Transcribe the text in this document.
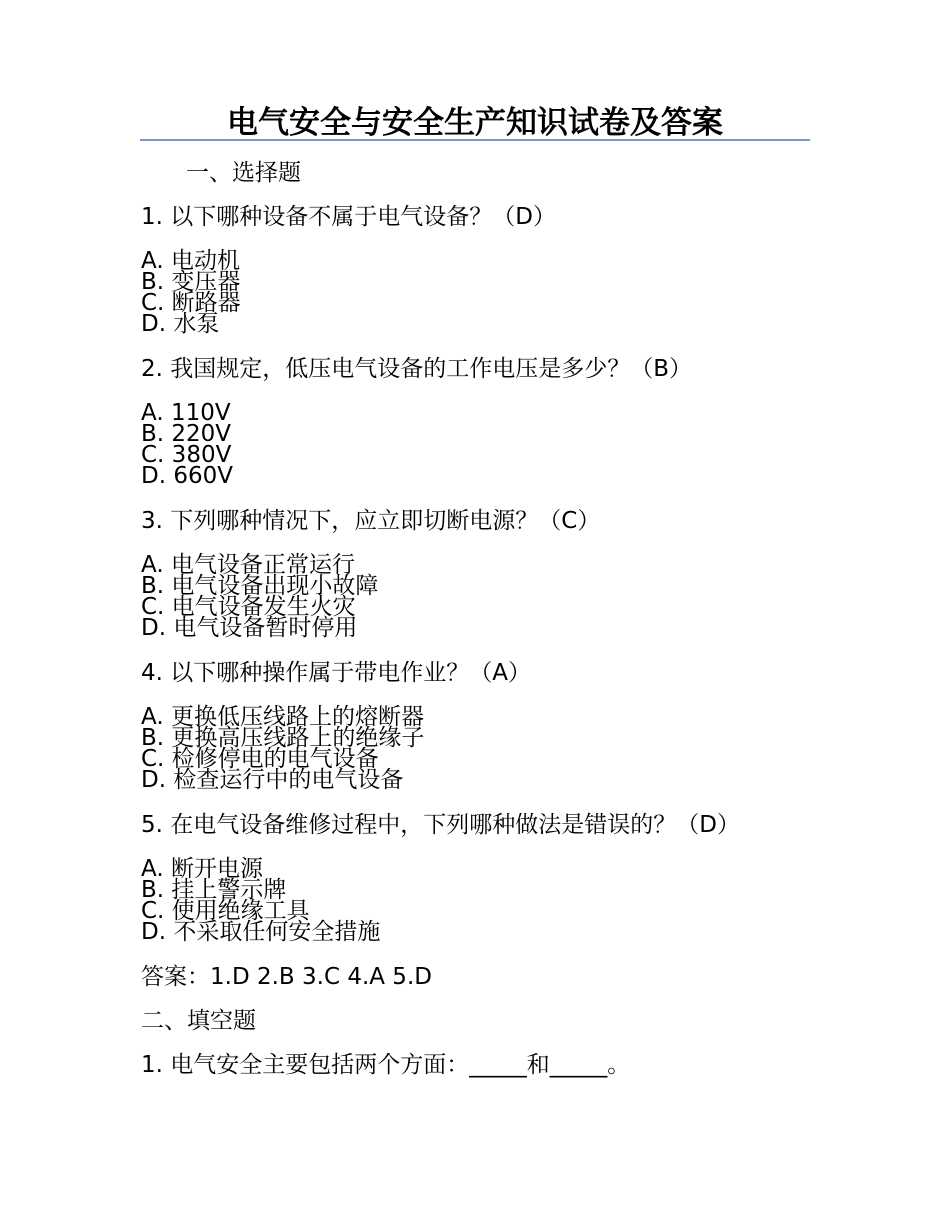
电气安全与安全生产知识试卷及答案
一、选择题
1. 以下哪种设备不属于电气设备？（D）
A. 电动机
B. 变压器
C. 断路器
D. 水泵
2. 我国规定，低压电气设备的工作电压是多少？（B）
A. 110V
B. 220V
C. 380V
D. 660V
3. 下列哪种情况下，应立即切断电源？（C）
A. 电气设备正常运行
B. 电气设备出现小故障
C. 电气设备发生火灾
D. 电气设备暂时停用
4. 以下哪种操作属于带电作业？（A）
A. 更换低压线路上的熔断器
B. 更换高压线路上的绝缘子
C. 检修停电的电气设备
D. 检查运行中的电气设备
5. 在电气设备维修过程中，下列哪种做法是错误的？（D）
A. 断开电源
B. 挂上警示牌
C. 使用绝缘工具
D. 不采取任何安全措施
答案：1.D 2.B 3.C 4.A 5.D
二、填空题
1. 电气安全主要包括两个方面：_____和_____。
